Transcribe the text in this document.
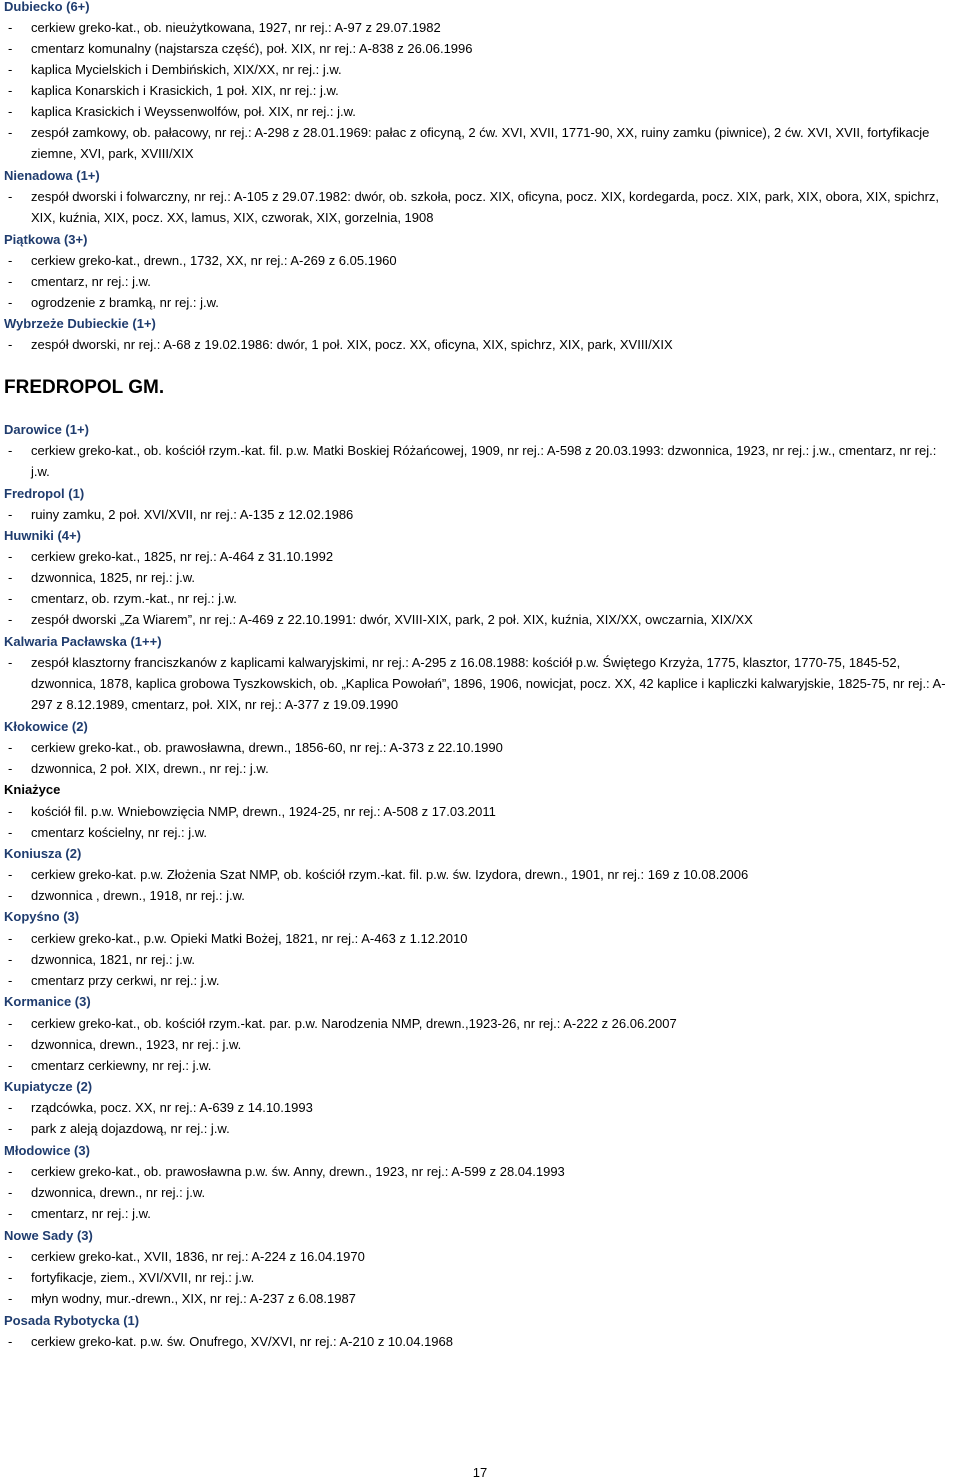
Dubiecko (6+)
- cerkiew greko-kat., ob. nieużytkowana, 1927, nr rej.: A-97 z 29.07.1982
- cmentarz komunalny (najstarsza część), poł. XIX, nr rej.: A-838 z 26.06.1996
- kaplica Mycielskich i Dembińskich, XIX/XX, nr rej.: j.w.
- kaplica Konarskich i Krasickich, 1 poł. XIX, nr rej.: j.w.
- kaplica Krasickich i Weyssenwolfów, poł. XIX, nr rej.: j.w.
- zespół zamkowy, ob. pałacowy, nr rej.: A-298 z 28.01.1969: pałac z oficyną, 2 ćw. XVI, XVII, 1771-90, XX, ruiny zamku (piwnice), 2 ćw. XVI, XVII, fortyfikacje ziemne, XVI, park, XVIII/XIX
Nienadowa (1+)
- zespół dworski i folwarczny, nr rej.: A-105 z 29.07.1982: dwór, ob. szkoła, pocz. XIX, oficyna, pocz. XIX, kordegarda, pocz. XIX, park, XIX, obora, XIX, spichrz, XIX, kuźnia, XIX, pocz. XX, lamus, XIX, czworak, XIX, gorzelnia, 1908
Piątkowa (3+)
- cerkiew greko-kat., drewn., 1732, XX, nr rej.: A-269 z 6.05.1960
- cmentarz, nr rej.: j.w.
- ogrodzenie z bramką, nr rej.: j.w.
Wybrzeże Dubieckie (1+)
- zespół dworski, nr rej.: A-68 z 19.02.1986: dwór, 1 poł. XIX, pocz. XX, oficyna, XIX, spichrz, XIX, park, XVIII/XIX
FREDROPOL GM.
Darowice (1+)
- cerkiew greko-kat., ob. kościół rzym.-kat. fil. p.w. Matki Boskiej Różańcowej, 1909, nr rej.: A-598 z 20.03.1993: dzwonnica, 1923, nr rej.: j.w., cmentarz, nr rej.: j.w.
Fredropol (1)
- ruiny zamku, 2 poł. XVI/XVII, nr rej.: A-135 z 12.02.1986
Huwniki (4+)
- cerkiew greko-kat., 1825, nr rej.: A-464 z 31.10.1992
- dzwonnica, 1825, nr rej.: j.w.
- cmentarz, ob. rzym.-kat., nr rej.: j.w.
- zespół dworski „Za Wiarem”, nr rej.: A-469 z 22.10.1991: dwór, XVIII-XIX, park, 2 poł. XIX, kuźnia, XIX/XX, owczarnia, XIX/XX
Kalwaria Pacławska (1++)
- zespół klasztorny franciszkanów z kaplicami kalwaryjskimi, nr rej.: A-295 z 16.08.1988: kościół p.w. Świętego Krzyża, 1775, klasztor, 1770-75, 1845-52, dzwonnica, 1878, kaplica grobowa Tyszkowskich, ob. „Kaplica Powołań”, 1896, 1906, nowicjat, pocz. XX, 42 kaplice i kapliczki kalwaryjskie, 1825-75, nr rej.: A-297 z 8.12.1989, cmentarz, poł. XIX, nr rej.: A-377 z 19.09.1990
Kłokowice (2)
- cerkiew greko-kat., ob. prawosławna, drewn., 1856-60, nr rej.: A-373 z 22.10.1990
- dzwonnica, 2 poł. XIX, drewn., nr rej.: j.w.
Kniażyce
- kościół fil. p.w. Wniebowzięcia NMP, drewn., 1924-25, nr rej.: A-508 z 17.03.2011
- cmentarz kościelny, nr rej.: j.w.
Koniusza (2)
- cerkiew greko-kat. p.w. Złożenia Szat NMP, ob. kościół rzym.-kat. fil. p.w. św. Izydora, drewn., 1901, nr rej.: 169 z 10.08.2006
- dzwonnica , drewn., 1918, nr rej.: j.w.
Kopyśno (3)
- cerkiew greko-kat., p.w. Opieki Matki Bożej, 1821, nr rej.: A-463 z 1.12.2010
- dzwonnica, 1821, nr rej.: j.w.
- cmentarz przy cerkwi, nr rej.: j.w.
Kormanice (3)
- cerkiew greko-kat., ob. kościół rzym.-kat. par. p.w. Narodzenia NMP, drewn.,1923-26, nr rej.: A-222 z 26.06.2007
- dzwonnica, drewn., 1923, nr rej.: j.w.
- cmentarz cerkiewny, nr rej.: j.w.
Kupiatycze (2)
- rządcówka, pocz. XX, nr rej.: A-639 z 14.10.1993
- park z aleją dojazdową, nr rej.: j.w.
Młodowice (3)
- cerkiew greko-kat., ob. prawosławna p.w. św. Anny, drewn., 1923, nr rej.: A-599 z 28.04.1993
- dzwonnica, drewn., nr rej.: j.w.
- cmentarz, nr rej.: j.w.
Nowe Sady (3)
- cerkiew greko-kat., XVII, 1836, nr rej.: A-224 z 16.04.1970
- fortyfikacje, ziem., XVI/XVII, nr rej.: j.w.
- młyn wodny, mur.-drewn., XIX, nr rej.: A-237 z 6.08.1987
Posada Rybotycka (1)
- cerkiew greko-kat. p.w. św. Onufrego, XV/XVI, nr rej.: A-210 z 10.04.1968
17
